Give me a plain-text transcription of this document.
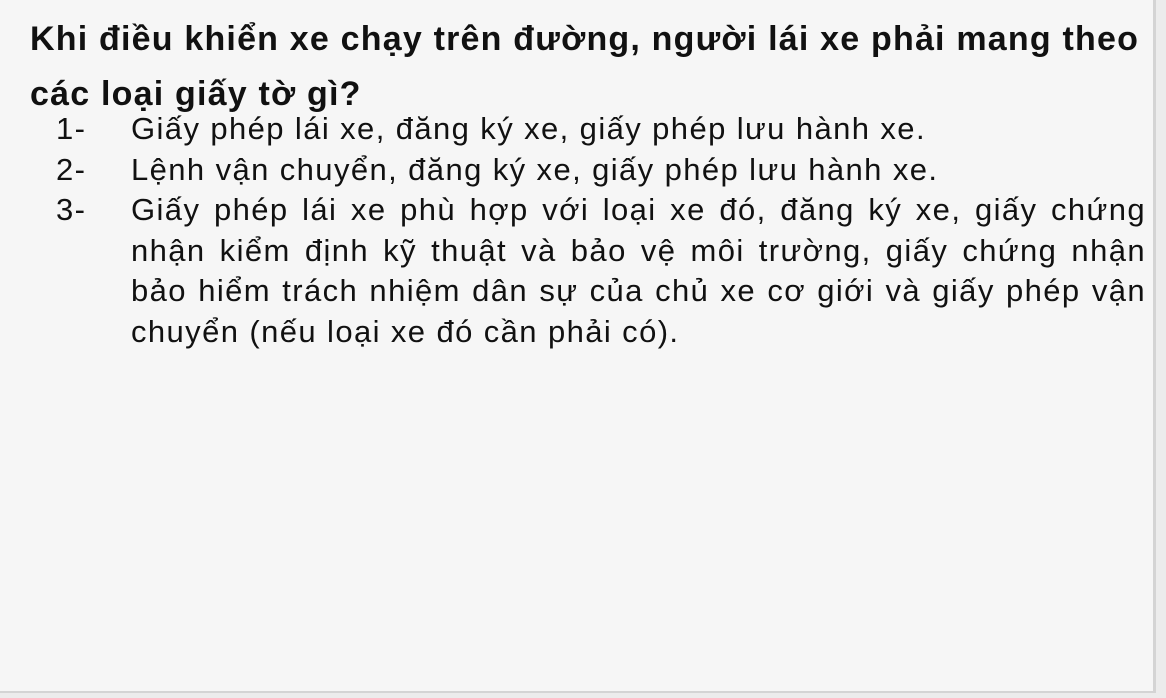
Khi điều khiển xe chạy trên đường, người lái xe phải mang theo các loại giấy tờ gì?

1-	Giấy phép lái xe, đăng ký xe, giấy phép lưu hành xe.
2-	Lệnh vận chuyển, đăng ký xe, giấy phép lưu hành xe.
3-	Giấy phép lái xe phù hợp với loại xe đó, đăng ký xe, giấy chứng nhận kiểm định kỹ thuật và bảo vệ môi trường, giấy chứng nhận bảo hiểm trách nhiệm dân sự của chủ xe cơ giới và giấy phép vận chuyển (nếu loại xe đó cần phải có).
